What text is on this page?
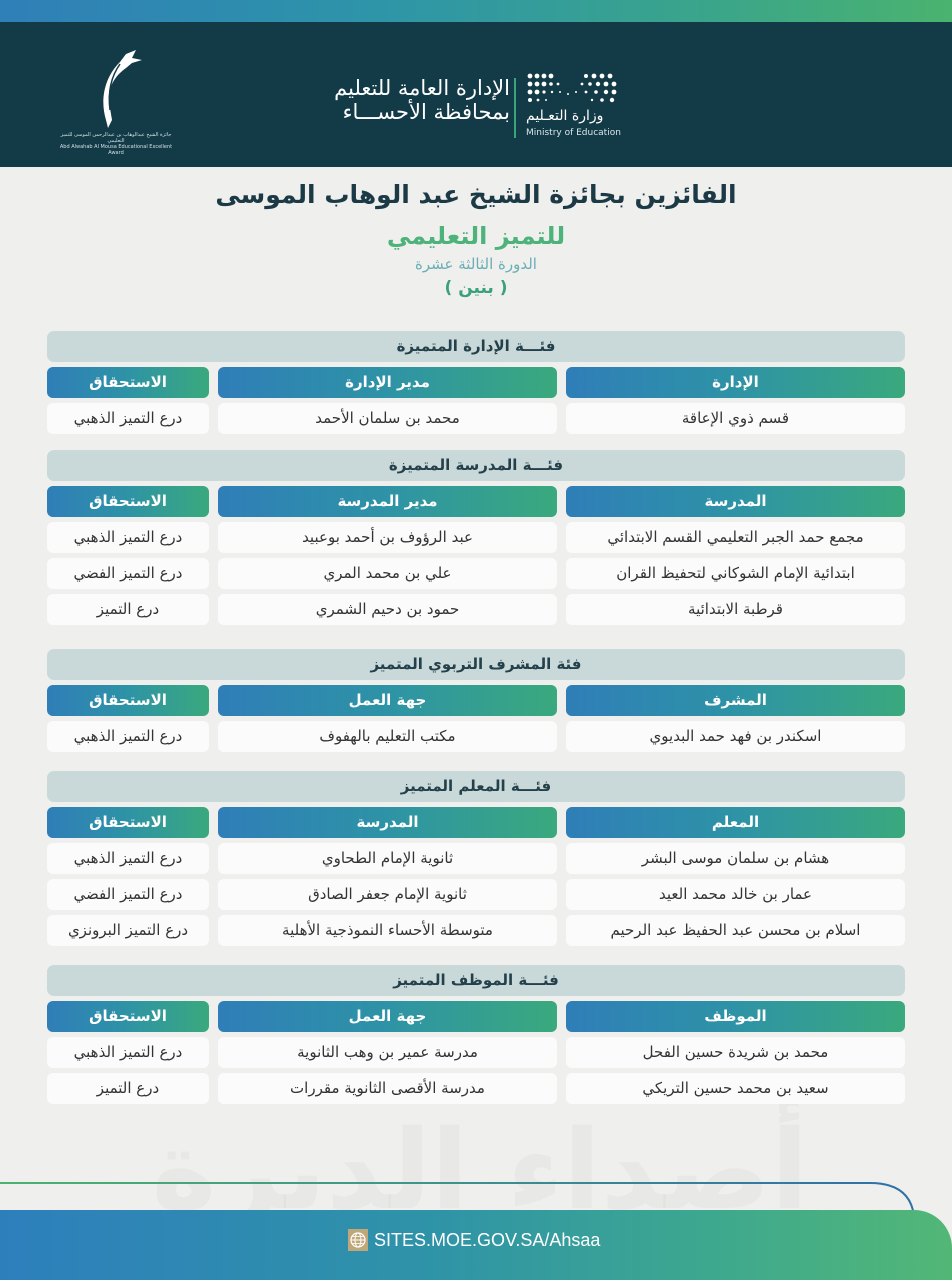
جائزة الشيخ عبدالوهاب بن عبدالرحمن الموسى للتميز التعليمي
Abd Alwahab Al Mousa Educational Excellent Award
الإدارة العامة للتعليم
بمحافظة الأحســـاء وزارة التعـليم
Ministry of Education
الفائزين بجائزة الشيخ عبد الوهاب الموسى
للتميز التعليمي
الدورة الثالثة عشرة
( بنين )
أصداء الديرة
فئـــة الإدارة المتميزة
الإدارة
مدير الإدارة
الاستحقاق
قسم ذوي الإعاقة
محمد بن سلمان الأحمد
درع التميز الذهبي
فئـــة المدرسة المتميزة
المدرسة
مدير المدرسة
الاستحقاق
مجمع حمد الجبر التعليمي القسم الابتدائي
عبد الرؤوف بن أحمد بوعبيد
درع التميز الذهبي
ابتدائية الإمام الشوكاني لتحفيظ القران
علي بن محمد المري
درع التميز الفضي
قرطبة الابتدائية
حمود بن دحيم الشمري
درع التميز
فئة المشرف التربوي المتميز
المشرف
جهة العمل
الاستحقاق
اسكندر بن فهد حمد البديوي
مكتب التعليم بالهفوف
درع التميز الذهبي
فئـــة المعلم المتميز
المعلم
المدرسة
الاستحقاق
هشام بن سلمان موسى البشر
ثانوية الإمام الطحاوي
درع التميز الذهبي
عمار بن خالد محمد العيد
ثانوية الإمام جعفر الصادق
درع التميز الفضي
اسلام بن محسن عبد الحفيظ عبد الرحيم
متوسطة الأحساء النموذجية الأهلية
درع التميز البرونزي
فئـــة الموظف المتميز
الموظف
جهة العمل
الاستحقاق
محمد بن شريدة حسين الفحل
مدرسة عمير بن وهب الثانوية
درع التميز الذهبي
سعيد بن محمد حسين التريكي
مدرسة الأقصى الثانوية مقررات
درع التميز
SITES.MOE.GOV.SA/Ahsaa
